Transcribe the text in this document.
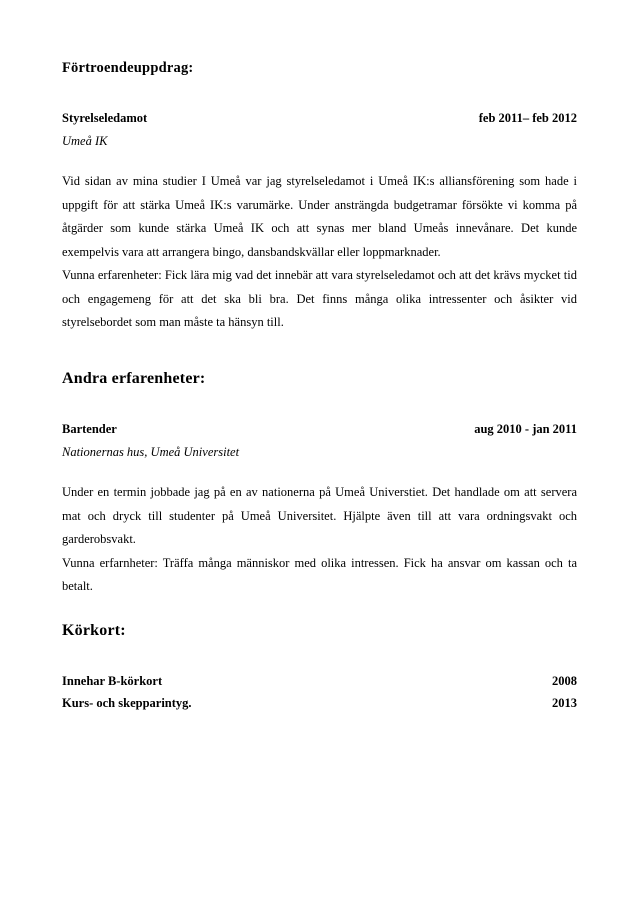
Förtroendeuppdrag:
Styrelseledamot	feb 2011– feb 2012
Umeå IK

Vid sidan av mina studier I Umeå var jag styrelseledamot i Umeå IK:s alliansförening som hade i uppgift för att stärka Umeå IK:s varumärke. Under ansträngda budgetramar försökte vi komma på åtgärder som kunde stärka Umeå IK och att synas mer bland Umeås innevånare. Det kunde exempelvis vara att arrangera bingo, dansbandskvällar eller loppmarknader.

Vunna erfarenheter: Fick lära mig vad det innebär att vara styrelseledamot och att det krävs mycket tid och engagemeng för att det ska bli bra. Det finns många olika intressenter och åsikter vid styrelsebordet som man måste ta hänsyn till.

Andra erfarenheter:
Bartender	aug 2010 - jan 2011
Nationernas hus, Umeå Universitet

Under en termin jobbade jag på en av nationerna på Umeå Universtiet. Det handlade om att servera mat och dryck till studenter på Umeå Universitet. Hjälpte även till att vara ordningsvakt och garderobsvakt.

Vunna erfarnheter: Träffa många människor med olika intressen. Fick ha ansvar om kassan och ta betalt.

Körkort:
Innehar B-körkort	2008
Kurs- och skepparintyg.	2013
